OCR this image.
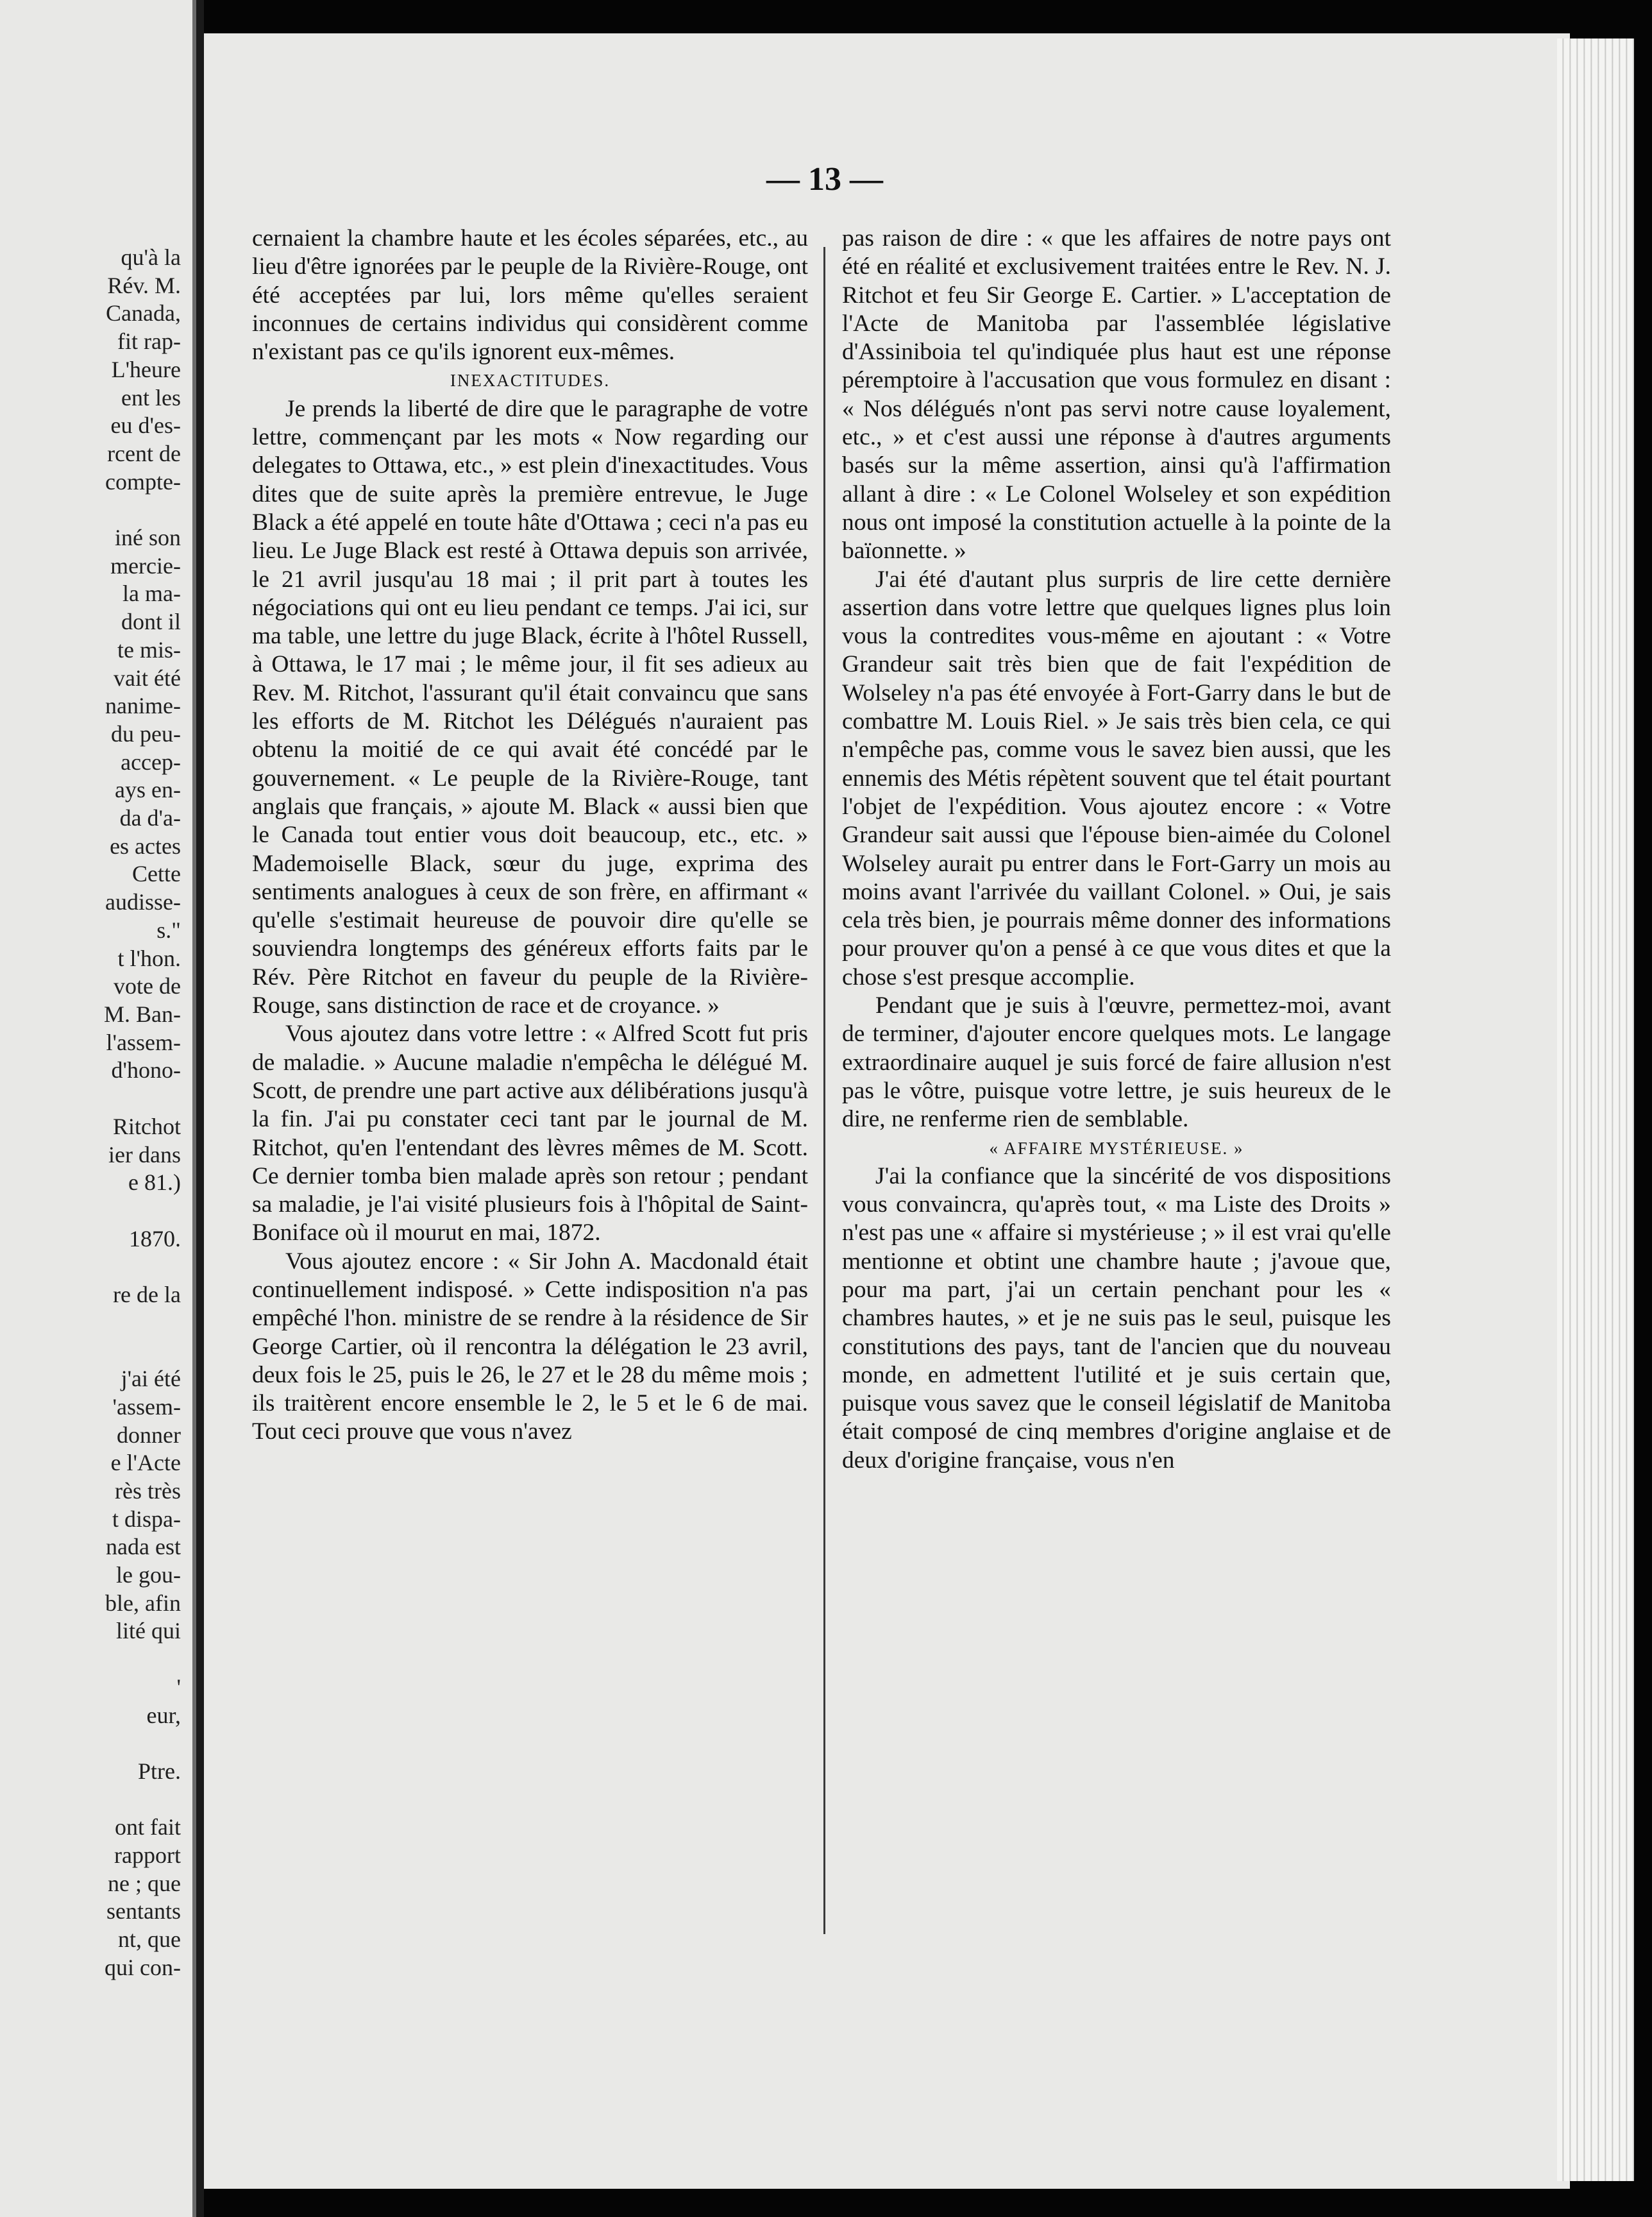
qu'à la
Rév. M.
Canada,
fit rap-
L'heure
ent les
eu d'es-
rcent de
compte-

iné son
mercie-
la ma-
dont il
te mis-
vait été
nanime-
du peu-
accep-
ays en-
da d'a-
es actes
Cette
audisse-
s."
t l'hon.
vote de
M. Ban-
l'assem-
d'hono-

Ritchot
ier dans
e 81.)

1870.

re de la

j'ai été
'assem-
donner
e l'Acte
rès très
t dispa-
nada est
le gou-
ble, afin
lité qui

'
eur,

Ptre.

ont fait
rapport
ne ; que
sentants
nt, que
qui con-
— 13 —

cernaient la chambre haute et les écoles séparées, etc., au lieu d'être ignorées par le peuple de la Rivière-Rouge, ont été acceptées par lui, lors même qu'elles seraient inconnues de certains individus qui considèrent comme n'existant pas ce qu'ils ignorent eux-mêmes.

INEXACTITUDES.

Je prends la liberté de dire que le paragraphe de votre lettre, commençant par les mots « Now regarding our delegates to Ottawa, etc., » est plein d'inexactitudes. Vous dites que de suite après la première entrevue, le Juge Black a été appelé en toute hâte d'Ottawa ; ceci n'a pas eu lieu. Le Juge Black est resté à Ottawa depuis son arrivée, le 21 avril jusqu'au 18 mai ; il prit part à toutes les négociations qui ont eu lieu pendant ce temps. J'ai ici, sur ma table, une lettre du juge Black, écrite à l'hôtel Russell, à Ottawa, le 17 mai ; le même jour, il fit ses adieux au Rev. M. Ritchot, l'assurant qu'il était convaincu que sans les efforts de M. Ritchot les Délégués n'auraient pas obtenu la moitié de ce qui avait été concédé par le gouvernement. « Le peuple de la Rivière-Rouge, tant anglais que français, » ajoute M. Black « aussi bien que le Canada tout entier vous doit beaucoup, etc., etc. » Mademoiselle Black, sœur du juge, exprima des sentiments analogues à ceux de son frère, en affirmant « qu'elle s'estimait heureuse de pouvoir dire qu'elle se souviendra longtemps des généreux efforts faits par le Rév. Père Ritchot en faveur du peuple de la Rivière-Rouge, sans distinction de race et de croyance. »

Vous ajoutez dans votre lettre : « Alfred Scott fut pris de maladie. » Aucune maladie n'empêcha le délégué M. Scott, de prendre une part active aux délibérations jusqu'à la fin. J'ai pu constater ceci tant par le journal de M. Ritchot, qu'en l'entendant des lèvres mêmes de M. Scott. Ce dernier tomba bien malade après son retour ; pendant sa maladie, je l'ai visité plusieurs fois à l'hôpital de Saint-Boniface où il mourut en mai, 1872.

Vous ajoutez encore : « Sir John A. Macdonald était continuellement indisposé. » Cette indisposition n'a pas empêché l'hon. ministre de se rendre à la résidence de Sir George Cartier, où il rencontra la délégation le 23 avril, deux fois le 25, puis le 26, le 27 et le 28 du même mois ; ils traitèrent encore ensemble le 2, le 5 et le 6 de mai. Tout ceci prouve que vous n'avez

pas raison de dire : « que les affaires de notre pays ont été en réalité et exclusivement traitées entre le Rev. N. J. Ritchot et feu Sir George E. Cartier. » L'acceptation de l'Acte de Manitoba par l'assemblée législative d'Assiniboia tel qu'indiquée plus haut est une réponse péremptoire à l'accusation que vous formulez en disant : « Nos délégués n'ont pas servi notre cause loyalement, etc., » et c'est aussi une réponse à d'autres arguments basés sur la même assertion, ainsi qu'à l'affirmation allant à dire : « Le Colonel Wolseley et son expédition nous ont imposé la constitution actuelle à la pointe de la baïonnette. »

J'ai été d'autant plus surpris de lire cette dernière assertion dans votre lettre que quelques lignes plus loin vous la contredites vous-même en ajoutant : « Votre Grandeur sait très bien que de fait l'expédition de Wolseley n'a pas été envoyée à Fort-Garry dans le but de combattre M. Louis Riel. » Je sais très bien cela, ce qui n'empêche pas, comme vous le savez bien aussi, que les ennemis des Métis répètent souvent que tel était pourtant l'objet de l'expédition. Vous ajoutez encore : « Votre Grandeur sait aussi que l'épouse bien-aimée du Colonel Wolseley aurait pu entrer dans le Fort-Garry un mois au moins avant l'arrivée du vaillant Colonel. » Oui, je sais cela très bien, je pourrais même donner des informations pour prouver qu'on a pensé à ce que vous dites et que la chose s'est presque accomplie.

Pendant que je suis à l'œuvre, permettez-moi, avant de terminer, d'ajouter encore quelques mots. Le langage extraordinaire auquel je suis forcé de faire allusion n'est pas le vôtre, puisque votre lettre, je suis heureux de le dire, ne renferme rien de semblable.

« AFFAIRE MYSTÉRIEUSE. »

J'ai la confiance que la sincérité de vos dispositions vous convaincra, qu'après tout, « ma Liste des Droits » n'est pas une « affaire si mystérieuse ; » il est vrai qu'elle mentionne et obtint une chambre haute ; j'avoue que, pour ma part, j'ai un certain penchant pour les « chambres hautes, » et je ne suis pas le seul, puisque les constitutions des pays, tant de l'ancien que du nouveau monde, en admettent l'utilité et je suis certain que, puisque vous savez que le conseil législatif de Manitoba était composé de cinq membres d'origine anglaise et de deux d'origine française, vous n'en
